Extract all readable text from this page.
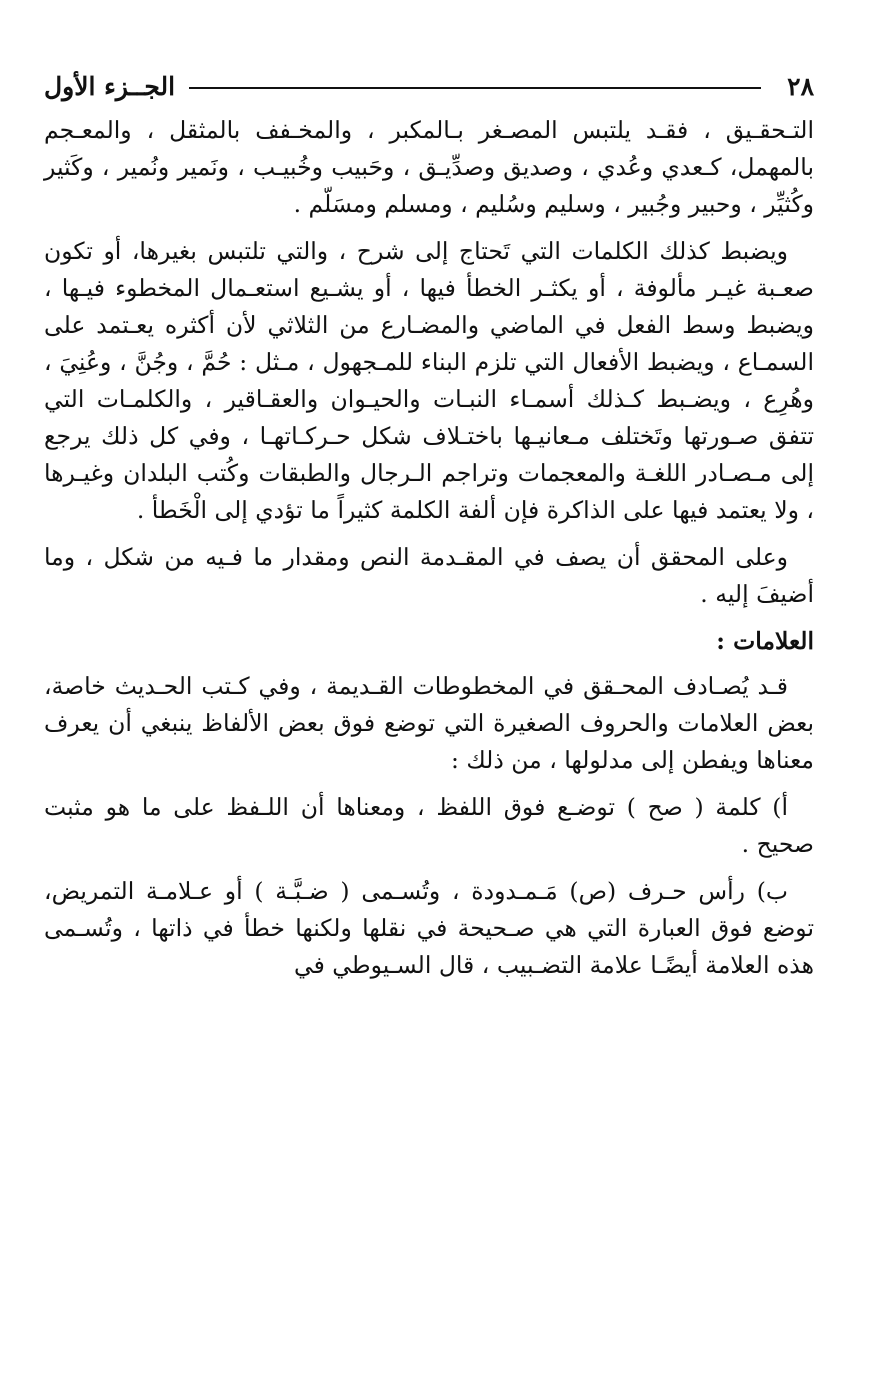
٢٨
الجــزء الأول

التـحقـيق ، فقـد يلتبس المصـغر بـالمكبر ، والمخـفف بالمثقل ، والمعـجم بالمهمل، كـعدي وعُدي ، وصديق وصدِّيـق ، وحَبيب وخُبيـب ، ونَمير ونُمير ، وكَثير وكُثيِّر ، وحبير وجُبير ، وسليم وسُليم ، ومسلم ومسَلّم .

ويضبط كذلك الكلمات التي تَحتاج إلى شرح ، والتي تلتبس بغيرها، أو تكون صعـبة غيـر مألوفة ، أو يكثـر الخطأ فيها ، أو يشـيع استعـمال المخطوء فيـها ، ويضبط وسط الفعل في الماضي والمضـارع من الثلاثي لأن أكثره يعـتمد على السمـاع ، ويضبط الأفعال التي تلزم البناء للمـجهول ، مـثل : حُمَّ ، وجُنَّ ، وعُنِيَ ، وهُرِع ، ويضـبط كـذلك أسمـاء النبـات والحيـوان والعقـاقير ، والكلمـات التي تتفق صـورتها وتَختلف مـعانيـها باختـلاف شكل حـركـاتهـا ، وفي كل ذلك يرجع إلى مـصـادر اللغـة والمعجمات وتراجم الـرجال والطبقات وكُتب البلدان وغيـرها ، ولا يعتمد فيها على الذاكرة فإن ألفة الكلمة كثيراً ما تؤدي إلى الْخَطأ .

وعلى المحقق أن يصف في المقـدمة النص ومقدار ما فـيه من شكل ، وما أضيفَ إليه .

العلامات :

قـد يُصـادف المحـقق في المخطوطات القـديمة ، وفي كـتب الحـديث خاصة، بعض العلامات والحروف الصغيرة التي توضع فوق بعض الألفاظ ينبغي أن يعرف معناها ويفطن إلى مدلولها ، من ذلك :

أ) كلمة ( صح ) توضـع فوق اللفظ ، ومعناها أن اللـفظ على ما هو مثبت صحيح .

ب) رأس حـرف (ص) مَـمـدودة ، وتُسـمى ( ضـبَّـة ) أو عـلامـة التمريض، توضع فوق العبارة التي هي صـحيحة في نقلها ولكنها خطأ في ذاتها ، وتُسـمى هذه العلامة أيضًـا علامة التضـبيب ، قال السـيوطي في
